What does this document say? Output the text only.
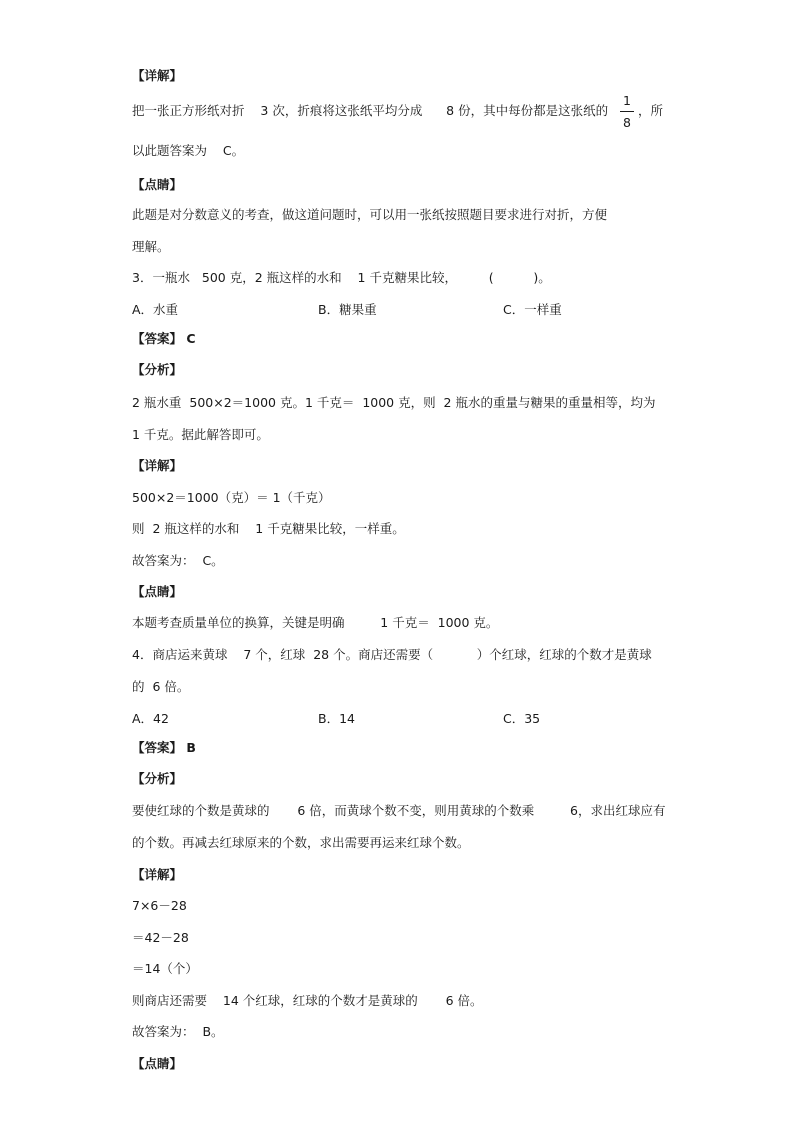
【详解】
把一张正方形纸对折    3 次，折痕将这张纸平均分成      8 份，其中每份都是这张纸的
1
8
，所
以此题答案为    C。
【点睛】
此题是对分数意义的考查，做这道问题时，可以用一张纸按照题目要求进行对折，方便
理解。
3．一瓶水   500 克，2 瓶这样的水和    1 千克糖果比较，        (          )。
A．水重	B．糖果重	C．一样重
【答案】 C
【分析】
2 瓶水重  500×2＝1000 克。1 千克＝  1000 克，则  2 瓶水的重量与糖果的重量相等，均为
1 千克。据此解答即可。
【详解】
500×2＝1000（克）＝ 1（千克）
则  2 瓶这样的水和    1 千克糖果比较，一样重。
故答案为：  C。
【点睛】
本题考查质量单位的换算，关键是明确         1 千克＝  1000 克。
4．商店运来黄球    7 个，红球  28 个。商店还需要（           ）个红球，红球的个数才是黄球
的  6 倍。
A．42	B．14	C．35
【答案】 B
【分析】
要使红球的个数是黄球的       6 倍，而黄球个数不变，则用黄球的个数乘         6，求出红球应有
的个数。再减去红球原来的个数，求出需要再运来红球个数。
【详解】
7×6－28
＝42－28
＝14（个）
则商店还需要    14 个红球，红球的个数才是黄球的       6 倍。
故答案为：  B。
【点睛】
